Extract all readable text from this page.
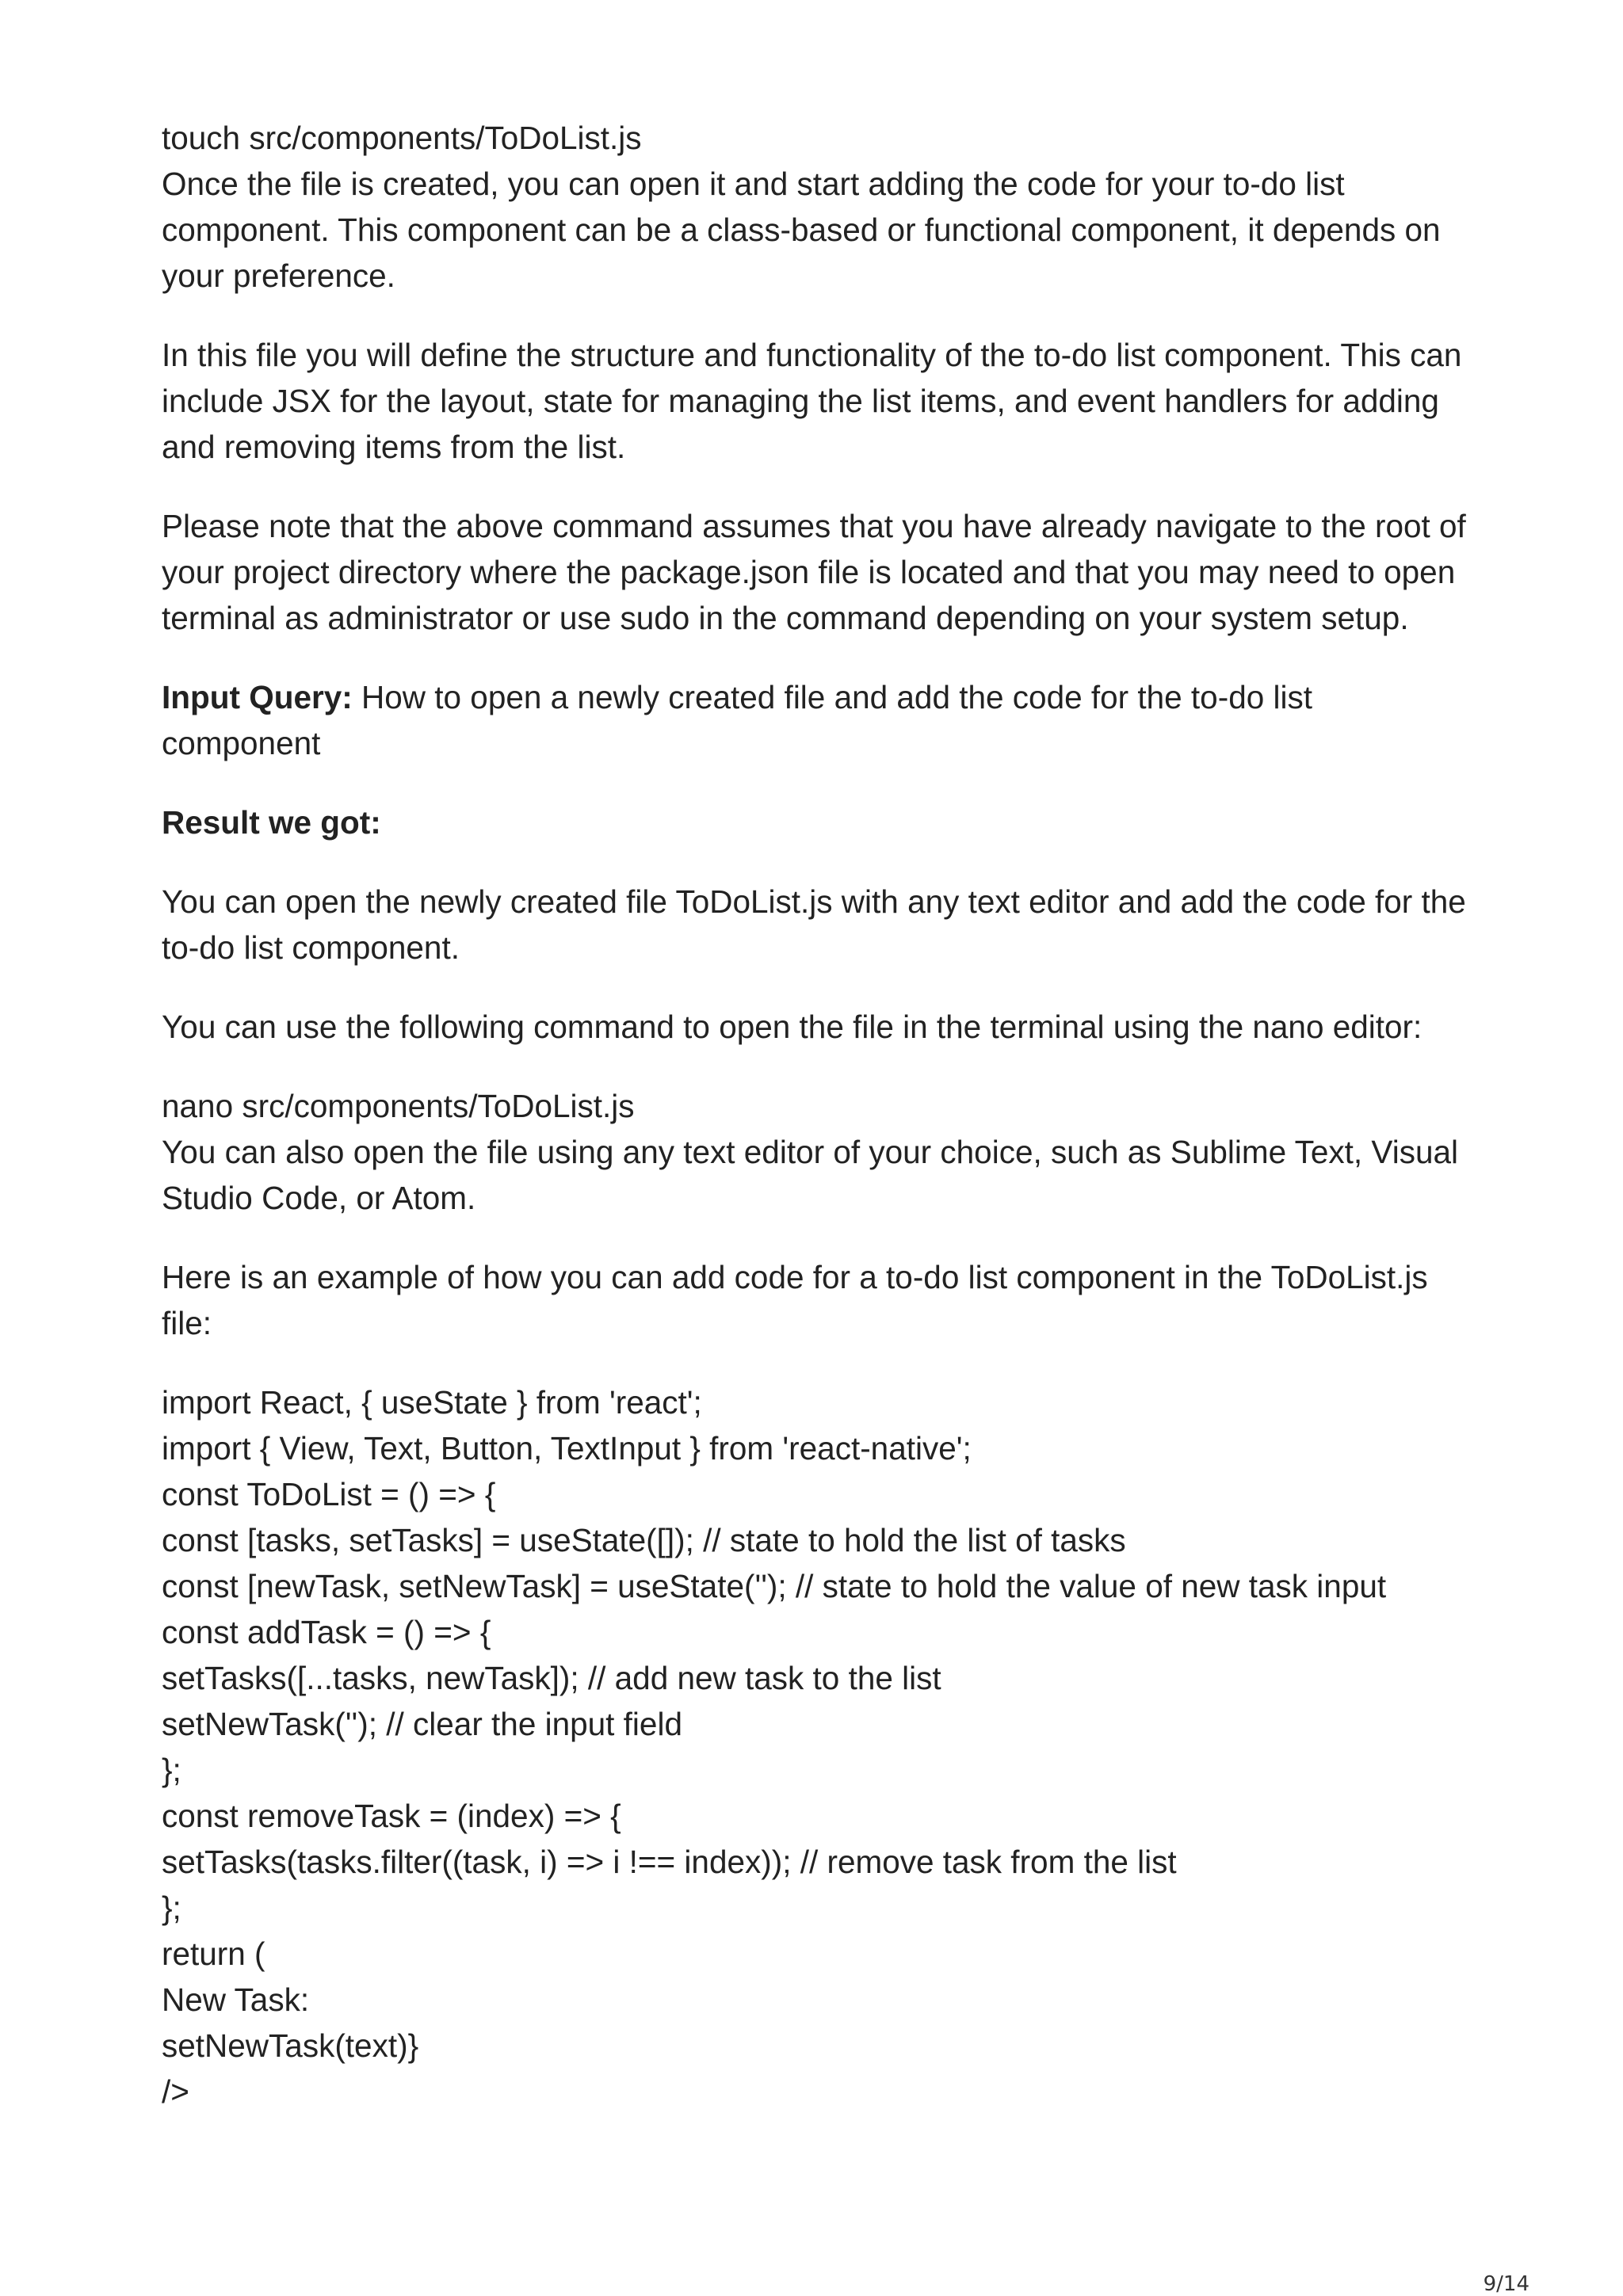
touch src/components/ToDoList.js

Once the file is created, you can open it and start adding the code for your to-do list component. This component can be a class-based or functional component, it depends on your preference.

In this file you will define the structure and functionality of the to-do list component. This can include JSX for the layout, state for managing the list items, and event handlers for adding and removing items from the list.

Please note that the above command assumes that you have already navigate to the root of your project directory where the package.json file is located and that you may need to open terminal as administrator or use sudo in the command depending on your system setup.

Input Query: How to open a newly created file and add the code for the to-do list component

Result we got:

You can open the newly created file ToDoList.js with any text editor and add the code for the to-do list component.

You can use the following command to open the file in the terminal using the nano editor:

nano src/components/ToDoList.js

You can also open the file using any text editor of your choice, such as Sublime Text, Visual Studio Code, or Atom.

Here is an example of how you can add code for a to-do list component in the ToDoList.js file:

import React, { useState } from 'react';

import { View, Text, Button, TextInput } from 'react-native';

const ToDoList = () => {

const [tasks, setTasks] = useState([]); // state to hold the list of tasks

const [newTask, setNewTask] = useState(''); // state to hold the value of new task input

const addTask = () => {

setTasks([...tasks, newTask]); // add new task to the list

setNewTask(''); // clear the input field

};

const removeTask = (index) => {

setTasks(tasks.filter((task, i) => i !== index)); // remove task from the list

};

return (

New Task:

setNewTask(text)}

/>

9/14
